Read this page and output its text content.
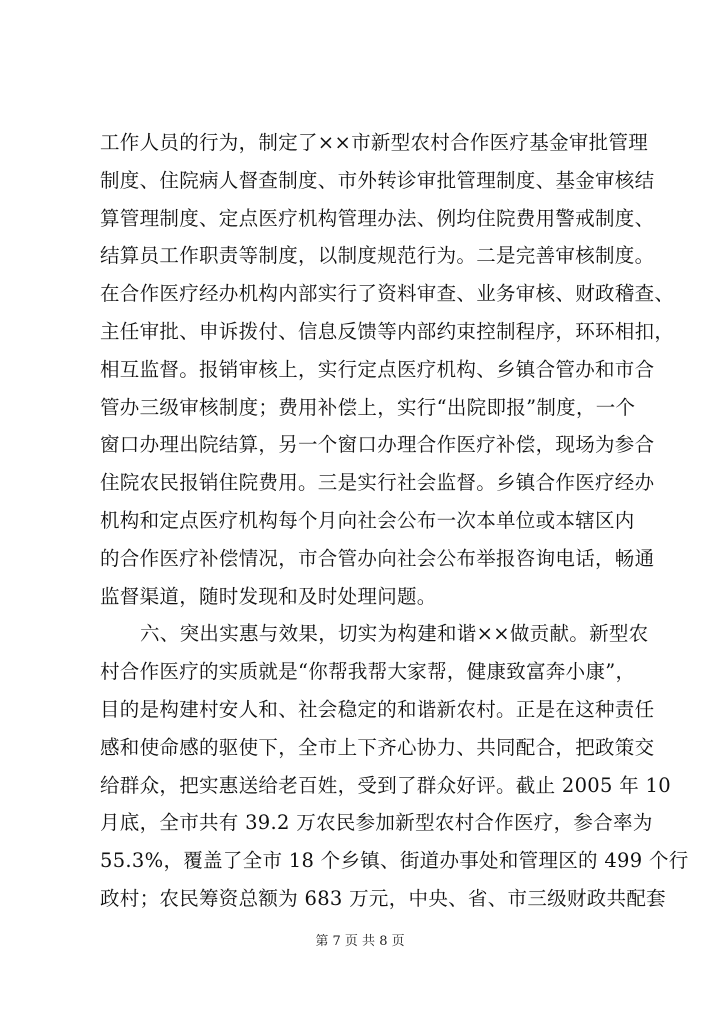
工作人员的行为，制定了××市新型农村合作医疗基金审批管理
制度、住院病人督查制度、市外转诊审批管理制度、基金审核结
算管理制度、定点医疗机构管理办法、例均住院费用警戒制度、
结算员工作职责等制度，以制度规范行为。二是完善审核制度。
在合作医疗经办机构内部实行了资料审查、业务审核、财政稽查、
主任审批、申诉拨付、信息反馈等内部约束控制程序，环环相扣，
相互监督。报销审核上，实行定点医疗机构、乡镇合管办和市合
管办三级审核制度；费用补偿上，实行“出院即报”制度，一个
窗口办理出院结算，另一个窗口办理合作医疗补偿，现场为参合
住院农民报销住院费用。三是实行社会监督。乡镇合作医疗经办
机构和定点医疗机构每个月向社会公布一次本单位或本辖区内
的合作医疗补偿情况，市合管办向社会公布举报咨询电话，畅通
监督渠道，随时发现和及时处理问题。
六、突出实惠与效果，切实为构建和谐××做贡献。新型农
村合作医疗的实质就是“你帮我帮大家帮，健康致富奔小康”，
目的是构建村安人和、社会稳定的和谐新农村。正是在这种责任
感和使命感的驱使下，全市上下齐心协力、共同配合，把政策交
给群众，把实惠送给老百姓，受到了群众好评。截止 2005 年 10
月底，全市共有 39.2 万农民参加新型农村合作医疗，参合率为
55.3%，覆盖了全市 18 个乡镇、街道办事处和管理区的 499 个行
政村；农民筹资总额为 683 万元，中央、省、市三级财政共配套
第 7 页 共 8 页
